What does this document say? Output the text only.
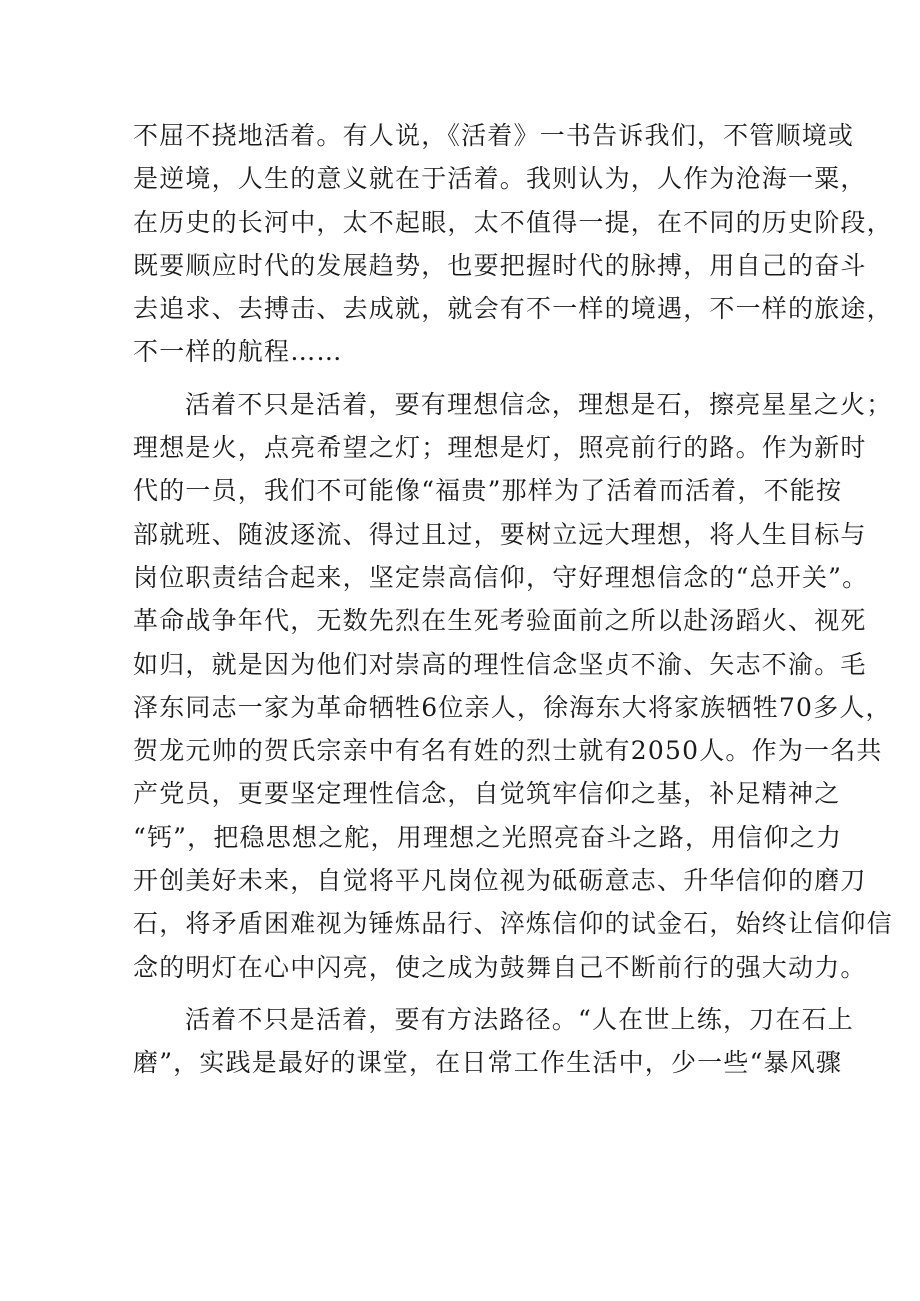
不屈不挠地活着。有人说，《活着》一书告诉我们，不管顺境或
是逆境，人生的意义就在于活着。我则认为，人作为沧海一粟，
在历史的长河中，太不起眼，太不值得一提，在不同的历史阶段，
既要顺应时代的发展趋势，也要把握时代的脉搏，用自己的奋斗
去追求、去搏击、去成就，就会有不一样的境遇，不一样的旅途，
不一样的航程……
活着不只是活着，要有理想信念，理想是石，擦亮星星之火；
理想是火，点亮希望之灯；理想是灯，照亮前行的路。作为新时
代的一员，我们不可能像“福贵”那样为了活着而活着，不能按
部就班、随波逐流、得过且过，要树立远大理想，将人生目标与
岗位职责结合起来，坚定崇高信仰，守好理想信念的“总开关”。
革命战争年代，无数先烈在生死考验面前之所以赴汤蹈火、视死
如归，就是因为他们对崇高的理性信念坚贞不渝、矢志不渝。毛
泽东同志一家为革命牺牲6位亲人，徐海东大将家族牺牲70多人，
贺龙元帅的贺氏宗亲中有名有姓的烈士就有2050人。作为一名共
产党员，更要坚定理性信念，自觉筑牢信仰之基，补足精神之
“钙”，把稳思想之舵，用理想之光照亮奋斗之路，用信仰之力
开创美好未来，自觉将平凡岗位视为砥砺意志、升华信仰的磨刀
石，将矛盾困难视为锤炼品行、淬炼信仰的试金石，始终让信仰信
念的明灯在心中闪亮，使之成为鼓舞自己不断前行的强大动力。
活着不只是活着，要有方法路径。“人在世上练，刀在石上
磨”，实践是最好的课堂，在日常工作生活中，少一些“暴风骤
